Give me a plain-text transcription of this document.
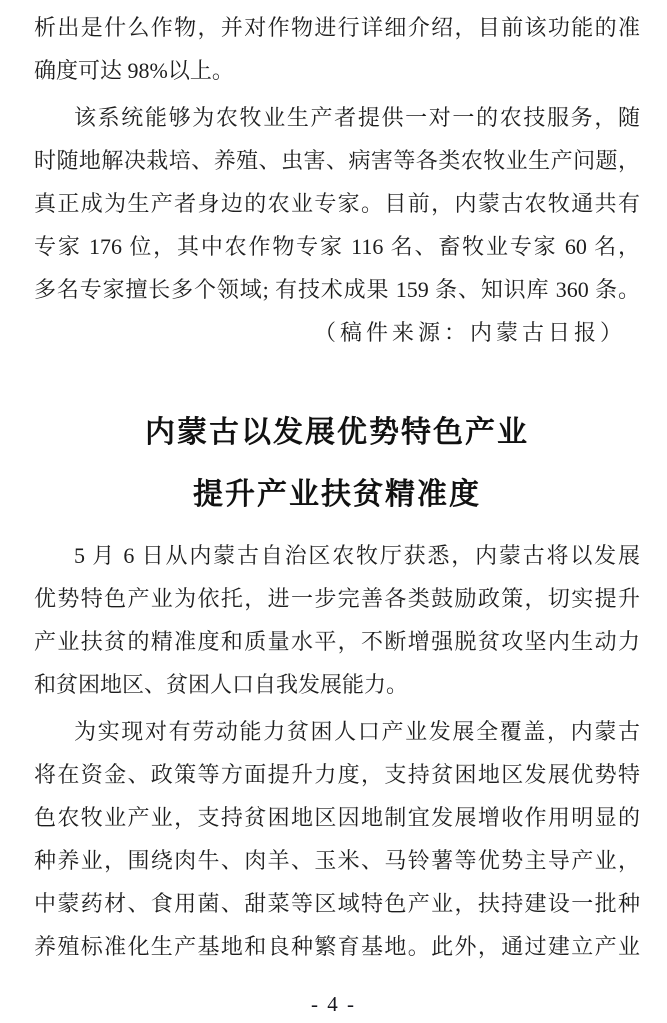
析出是什么作物，并对作物进行详细介绍，目前该功能的准
确度可达 98%以上。
该系统能够为农牧业生产者提供一对一的农技服务，随
时随地解决栽培、养殖、虫害、病害等各类农牧业生产问题，
真正成为生产者身边的农业专家。目前，内蒙古农牧通共有
专家 176 位，其中农作物专家 116 名、畜牧业专家 60 名，
多名专家擅长多个领域; 有技术成果 159 条、知识库 360 条。
（稿件来源：内蒙古日报）
内蒙古以发展优势特色产业
提升产业扶贫精准度
5 月 6 日从内蒙古自治区农牧厅获悉，内蒙古将以发展
优势特色产业为依托，进一步完善各类鼓励政策，切实提升
产业扶贫的精准度和质量水平，不断增强脱贫攻坚内生动力
和贫困地区、贫困人口自我发展能力。
为实现对有劳动能力贫困人口产业发展全覆盖，内蒙古
将在资金、政策等方面提升力度，支持贫困地区发展优势特
色农牧业产业，支持贫困地区因地制宜发展增收作用明显的
种养业，围绕肉牛、肉羊、玉米、马铃薯等优势主导产业，
中蒙药材、食用菌、甜菜等区域特色产业，扶持建设一批种
养殖标准化生产基地和良种繁育基地。此外，通过建立产业
- 4 -
